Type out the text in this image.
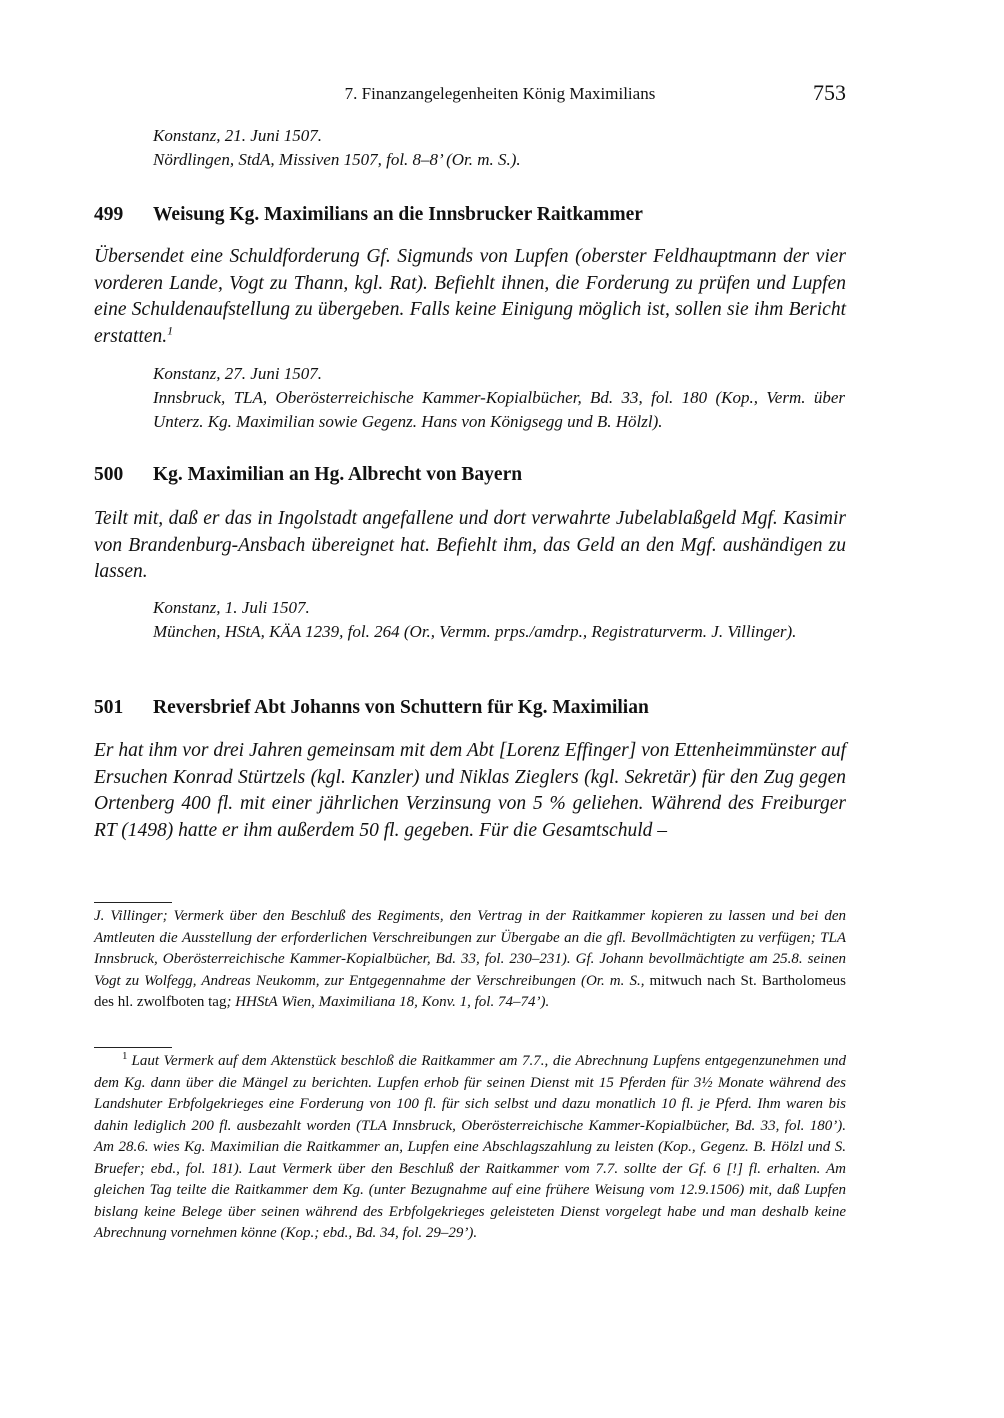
7. Finanzangelegenheiten König Maximilians	753
Konstanz, 21. Juni 1507.
Nördlingen, StdA, Missiven 1507, fol. 8–8’ (Or. m. S.).
499 Weisung Kg. Maximilians an die Innsbrucker Raitkammer
Übersendet eine Schuldforderung Gf. Sigmunds von Lupfen (oberster Feldhauptmann der vier vorderen Lande, Vogt zu Thann, kgl. Rat). Befiehlt ihnen, die Forderung zu prüfen und Lupfen eine Schuldenaufstellung zu übergeben. Falls keine Einigung möglich ist, sollen sie ihm Bericht erstatten.$^1$
Konstanz, 27. Juni 1507.
Innsbruck, TLA, Oberösterreichische Kammer-Kopialbücher, Bd. 33, fol. 180 (Kop., Verm. über Unterz. Kg. Maximilian sowie Gegenz. Hans von Königsegg und B. Hölzl).
500 Kg. Maximilian an Hg. Albrecht von Bayern
Teilt mit, daß er das in Ingolstadt angefallene und dort verwahrte Jubelablaßgeld Mgf. Kasimir von Brandenburg-Ansbach übereignet hat. Befiehlt ihm, das Geld an den Mgf. aushändigen zu lassen.
Konstanz, 1. Juli 1507.
München, HStA, KÄA 1239, fol. 264 (Or., Vermm. prps./amdrp., Registraturverm. J. Villinger).
501 Reversbrief Abt Johanns von Schuttern für Kg. Maximilian
Er hat ihm vor drei Jahren gemeinsam mit dem Abt [Lorenz Effinger] von Ettenheimmünster auf Ersuchen Konrad Stürtzels (kgl. Kanzler) und Niklas Zieglers (kgl. Sekretär) für den Zug gegen Ortenberg 400 fl. mit einer jährlichen Verzinsung von 5 % geliehen. Während des Freiburger RT (1498) hatte er ihm außerdem 50 fl. gegeben. Für die Gesamtschuld –
J. Villinger; Vermerk über den Beschluß des Regiments, den Vertrag in der Raitkammer kopieren zu lassen und bei den Amtleuten die Ausstellung der erforderlichen Verschreibungen zur Übergabe an die gfl. Bevollmächtigten zu verfügen; TLA Innsbruck, Oberösterreichische Kammer-Kopialbücher, Bd. 33, fol. 230–231). Gf. Johann bevollmächtigte am 25.8. seinen Vogt zu Wolfegg, Andreas Neukomm, zur Entgegennahme der Verschreibungen (Or. m. S., mitwuch nach St. Bartholomeus des hl. zwolfboten tag; HHStA Wien, Maximiliana 18, Konv. 1, fol. 74–74’).
$^1$ Laut Vermerk auf dem Aktenstück beschloß die Raitkammer am 7.7., die Abrechnung Lupfens entgegenzunehmen und dem Kg. dann über die Mängel zu berichten. Lupfen erhob für seinen Dienst mit 15 Pferden für 3½ Monate während des Landshuter Erbfolgekrieges eine Forderung von 100 fl. für sich selbst und dazu monatlich 10 fl. je Pferd. Ihm waren bis dahin lediglich 200 fl. ausbezahlt worden (TLA Innsbruck, Oberösterreichische Kammer-Kopialbücher, Bd. 33, fol. 180’). Am 28.6. wies Kg. Maximilian die Raitkammer an, Lupfen eine Abschlagszahlung zu leisten (Kop., Gegenz. B. Hölzl und S. Bruefer; ebd., fol. 181). Laut Vermerk über den Beschluß der Raitkammer vom 7.7. sollte der Gf. 6 [!] fl. erhalten. Am gleichen Tag teilte die Raitkammer dem Kg. (unter Bezugnahme auf eine frühere Weisung vom 12.9.1506) mit, daß Lupfen bislang keine Belege über seinen während des Erbfolgekrieges geleisteten Dienst vorgelegt habe und man deshalb keine Abrechnung vornehmen könne (Kop.; ebd., Bd. 34, fol. 29–29’).
